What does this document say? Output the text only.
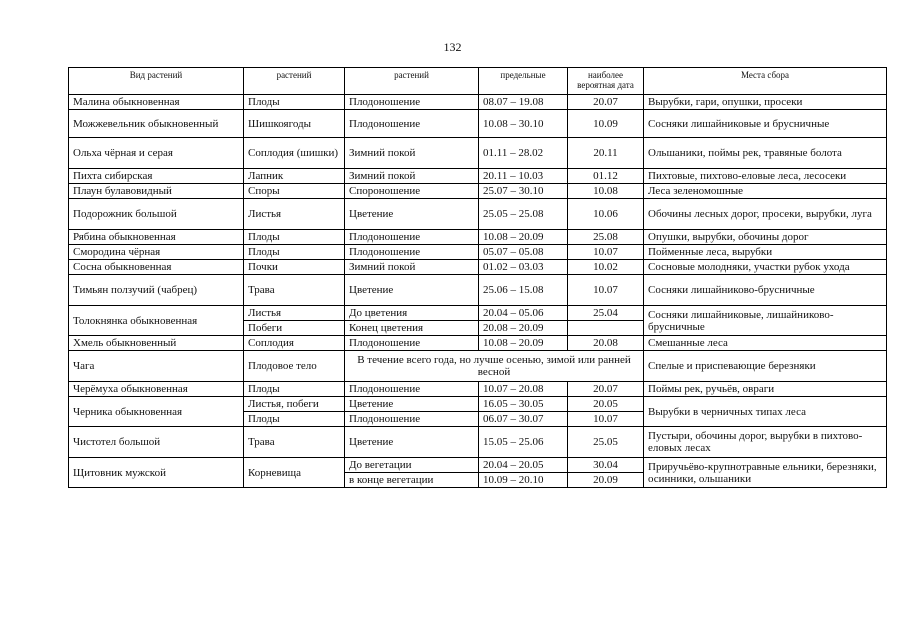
132
Вид растений	растений	растений	предельные	наиболее вероятная дата	Места сбора
Малина обыкновенная	Плоды	Плодоношение	08.07 – 19.08	20.07	Вырубки, гари, опушки, просеки
Можжевельник обыкновенный	Шишкоягоды	Плодоношение	10.08 – 30.10	10.09	Сосняки лишайниковые и брусничные
Ольха чёрная и серая	Соплодия (шишки)	Зимний покой	01.11 – 28.02	20.11	Ольшаники, поймы рек, травяные болота
Пихта сибирская	Лапник	Зимний покой	20.11 – 10.03	01.12	Пихтовые, пихтово-еловые леса, лесосеки
Плаун булавовидный	Споры	Спороношение	25.07 – 30.10	10.08	Леса зеленомошные
Подорожник большой	Листья	Цветение	25.05 – 25.08	10.06	Обочины лесных дорог, просеки, вырубки, луга
Рябина обыкновенная	Плоды	Плодоношение	10.08 – 20.09	25.08	Опушки, вырубки, обочины дорог
Смородина чёрная	Плоды	Плодоношение	05.07 – 05.08	10.07	Пойменные леса, вырубки
Сосна обыкновенная	Почки	Зимний покой	01.02 – 03.03	10.02	Сосновые молодняки, участки рубок ухода
Тимьян ползучий (чабрец)	Трава	Цветение	25.06 – 15.08	10.07	Сосняки лишайниково-брусничные
Толокнянка обыкновенная	Листья	До цветения	20.04 – 05.06	25.04	Сосняки лишайниковые, лишайниково-брусничные
	Побеги	Конец цветения	20.08 – 20.09		
Хмель обыкновенный	Соплодия	Плодоношение	10.08 – 20.09	20.08	Смешанные леса
Чага	Плодовое тело	В течение всего года, но лучше осенью, зимой или ранней весной			Спелые и приспевающие березняки
Черёмуха обыкновенная	Плоды	Плодоношение	10.07 – 20.08	20.07	Поймы рек, ручьёв, овраги
Черника обыкновенная	Листья, побеги	Цветение	16.05 – 30.05	20.05	Вырубки в черничных типах леса
	Плоды	Плодоношение	06.07 – 30.07	10.07	
Чистотел большой	Трава	Цветение	15.05 – 25.06	25.05	Пустыри, обочины дорог, вырубки в пихтово-еловых лесах
Щитовник мужской	Корневища	До вегетации	20.04 – 20.05	30.04	Приручьёво-крупнотравные ельники, березняки, осинники, ольшаники
		в конце вегетации	10.09 – 20.10	20.09	
